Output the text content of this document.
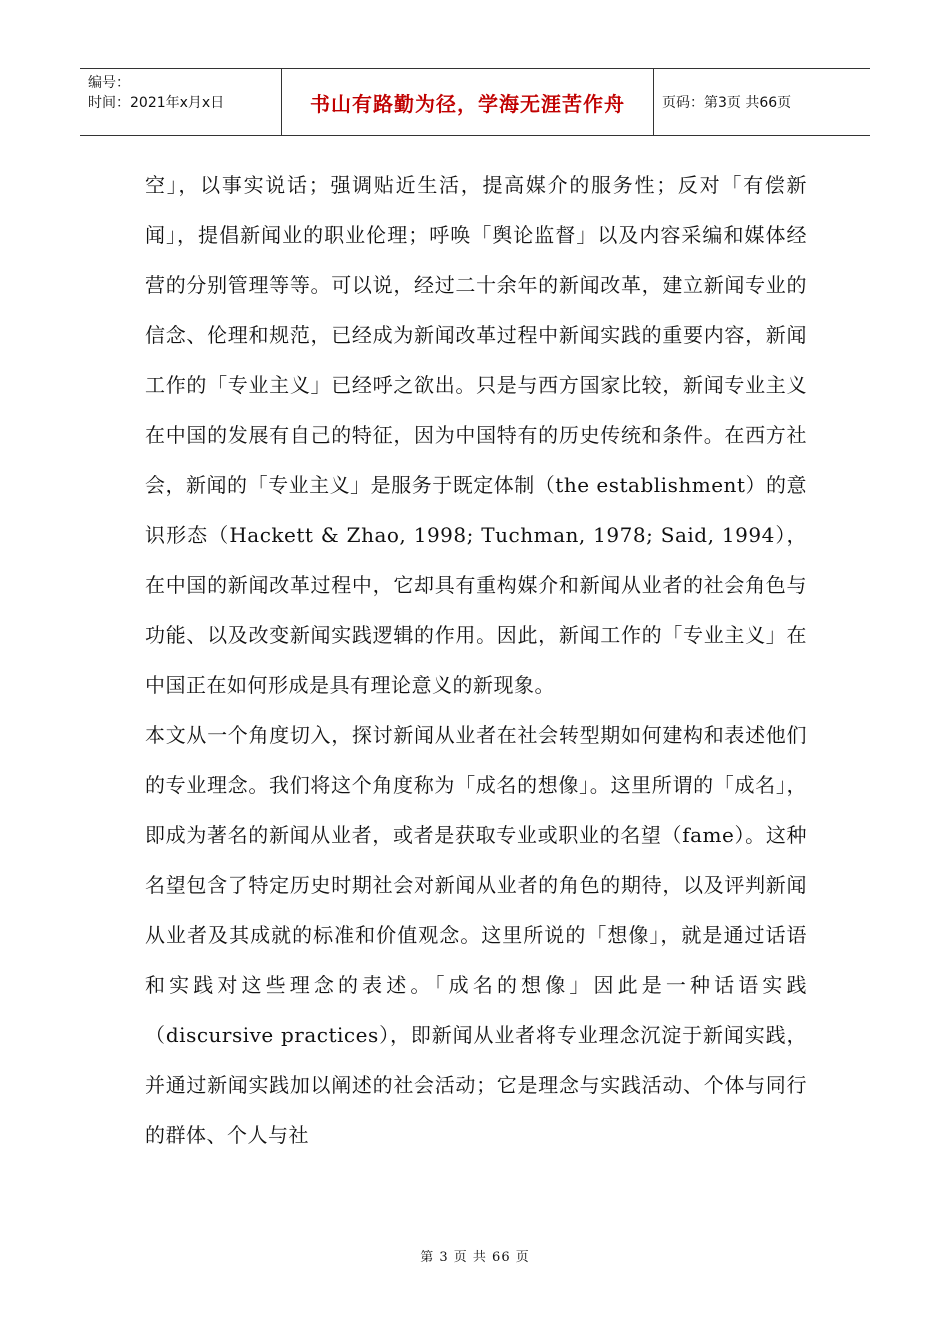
编号：
时间：2021年x月x日	书山有路勤为径，学海无涯苦作舟	页码：第3页 共66页

空」，以事实说话；强调贴近生活，提高媒介的服务性；反对「有偿新闻」，提倡新闻业的职业伦理；呼唤「舆论监督」以及内容采编和媒体经营的分别管理等等。可以说，经过二十余年的新闻改革，建立新闻专业的信念、伦理和规范，已经成为新闻改革过程中新闻实践的重要内容，新闻工作的「专业主义」已经呼之欲出。只是与西方国家比较，新闻专业主义在中国的发展有自己的特征，因为中国特有的历史传统和条件。在西方社会，新闻的「专业主义」是服务于既定体制（the establishment）的意识形态（Hackett & Zhao, 1998; Tuchman, 1978; Said, 1994），在中国的新闻改革过程中，它却具有重构媒介和新闻从业者的社会角色与功能、以及改变新闻实践逻辑的作用。因此，新闻工作的「专业主义」在中国正在如何形成是具有理论意义的新现象。

本文从一个角度切入，探讨新闻从业者在社会转型期如何建构和表述他们的专业理念。我们将这个角度称为「成名的想像」。这里所谓的「成名」，即成为著名的新闻从业者，或者是获取专业或职业的名望（fame）。这种名望包含了特定历史时期社会对新闻从业者的角色的期待，以及评判新闻从业者及其成就的标准和价值观念。这里所说的「想像」，就是通过话语和实践对这些理念的表述。「成名的想像」因此是一种话语实践（discursive practices），即新闻从业者将专业理念沉淀于新闻实践，并通过新闻实践加以阐述的社会活动；它是理念与实践活动、个体与同行的群体、个人与社

第 3 页 共 66 页
